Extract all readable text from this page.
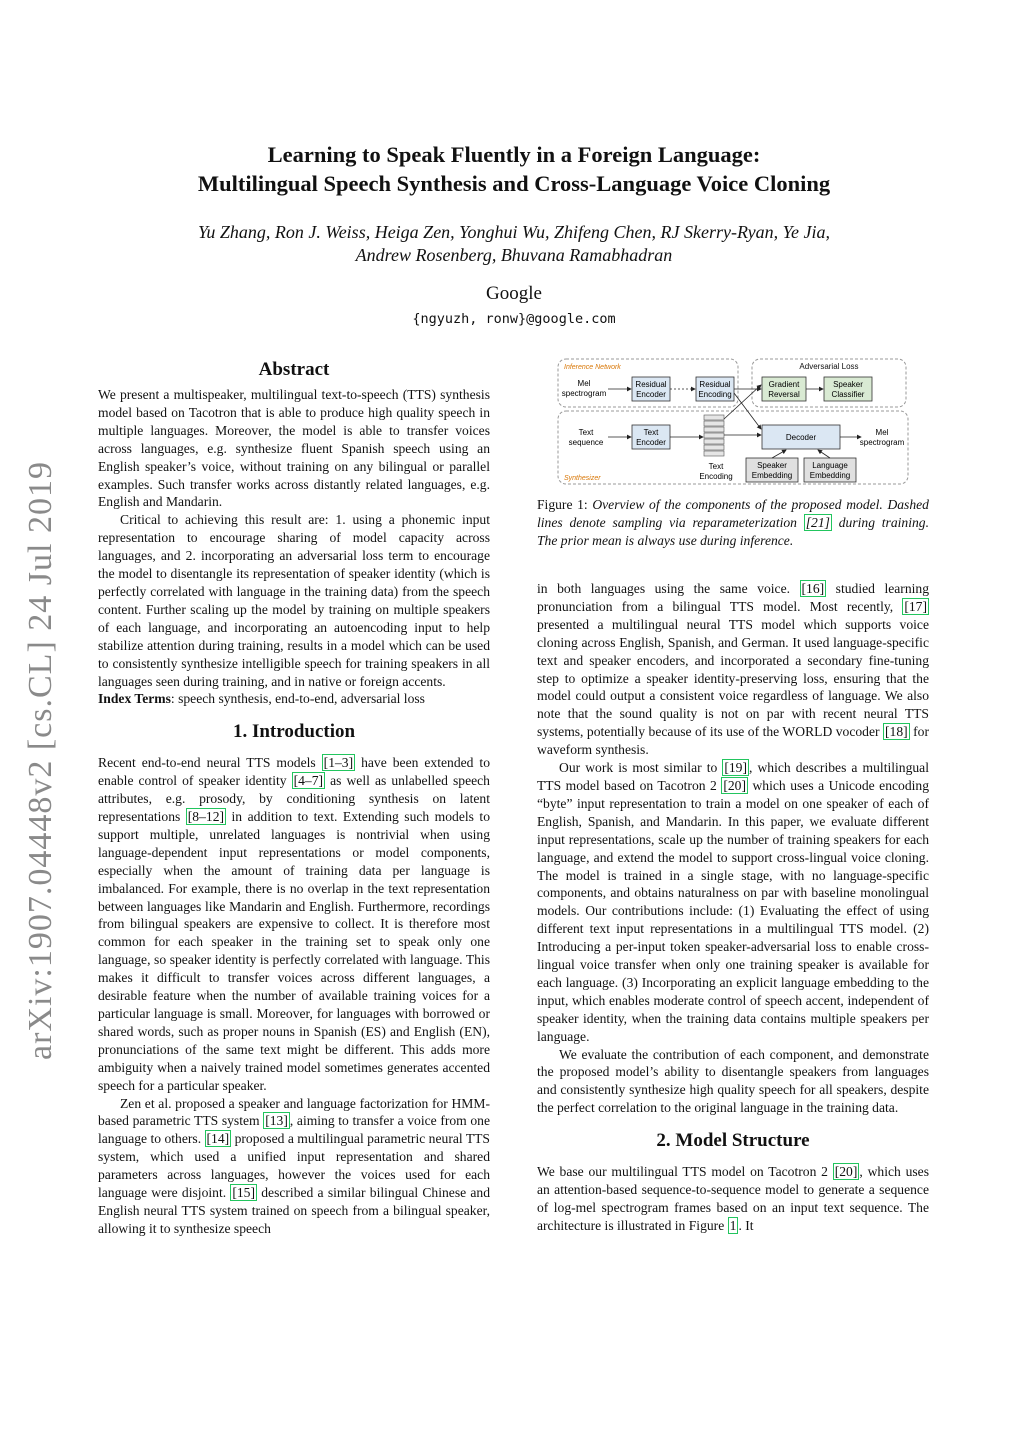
arXiv:1907.04448v2 [cs.CL] 24 Jul 2019
Learning to Speak Fluently in a Foreign Language:
Multilingual Speech Synthesis and Cross-Language Voice Cloning
Yu Zhang, Ron J. Weiss, Heiga Zen, Yonghui Wu, Zhifeng Chen, RJ Skerry-Ryan, Ye Jia,
Andrew Rosenberg, Bhuvana Ramabhadran
Google
{ngyuzh, ronw}@google.com
Abstract

We present a multispeaker, multilingual text-to-speech (TTS) synthesis model based on Tacotron that is able to produce high quality speech in multiple languages. Moreover, the model is able to transfer voices across languages, e.g. synthesize fluent Spanish speech using an English speaker’s voice, without training on any bilingual or parallel examples. Such transfer works across distantly related languages, e.g. English and Mandarin.

Critical to achieving this result are: 1. using a phonemic input representation to encourage sharing of model capacity across languages, and 2. incorporating an adversarial loss term to encourage the model to disentangle its representation of speaker identity (which is perfectly correlated with language in the training data) from the speech content. Further scaling up the model by training on multiple speakers of each language, and incorporating an autoencoding input to help stabilize attention during training, results in a model which can be used to consistently synthesize intelligible speech for training speakers in all languages seen during training, and in native or foreign accents.

Index Terms: speech synthesis, end-to-end, adversarial loss

1. Introduction

Recent end-to-end neural TTS models [1–3] have been extended to enable control of speaker identity [4–7] as well as unlabelled speech attributes, e.g. prosody, by conditioning synthesis on latent representations [8–12] in addition to text. Extending such models to support multiple, unrelated languages is nontrivial when using language-dependent input representations or model components, especially when the amount of training data per language is imbalanced. For example, there is no overlap in the text representation between languages like Mandarin and English. Furthermore, recordings from bilingual speakers are expensive to collect. It is therefore most common for each speaker in the training set to speak only one language, so speaker identity is perfectly correlated with language. This makes it difficult to transfer voices across different languages, a desirable feature when the number of available training voices for a particular language is small. Moreover, for languages with borrowed or shared words, such as proper nouns in Spanish (ES) and English (EN), pronunciations of the same text might be different. This adds more ambiguity when a naively trained model sometimes generates accented speech for a particular speaker.

Zen et al. proposed a speaker and language factorization for HMM-based parametric TTS system [13] , aiming to transfer a voice from one language to others. [14] proposed a multilingual parametric neural TTS system, which used a unified input representation and shared parameters across languages, however the voices used for each language were disjoint. [15] described a similar bilingual Chinese and English neural TTS system trained on speech from a bilingual speaker, allowing it to synthesize speech

Inference Network
Synthesizer
Adversarial Loss
Mel
spectrogram
Residual
Encoder
Residual
Encoding
Gradient
Reversal
Speaker
Classifier
Text
sequence
Text
Encoder
Text
Encoding
Decoder
Mel
spectrogram
Speaker
Embedding
Language
Embedding
Figure 1: Overview of the components of the proposed model. Dashed lines denote sampling via reparameterization [21] during training. The prior mean is always use during inference.

in both languages using the same voice. [16] studied learning pronunciation from a bilingual TTS model. Most recently, [17] presented a multilingual neural TTS model which supports voice cloning across English, Spanish, and German. It used language-specific text and speaker encoders, and incorporated a secondary fine-tuning step to optimize a speaker identity-preserving loss, ensuring that the model could output a consistent voice regardless of language. We also note that the sound quality is not on par with recent neural TTS systems, potentially because of its use of the WORLD vocoder [18] for waveform synthesis.

Our work is most similar to [19] , which describes a multilingual TTS model based on Tacotron 2 [20] which uses a Unicode encoding “byte” input representation to train a model on one speaker of each of English, Spanish, and Mandarin. In this paper, we evaluate different input representations, scale up the number of training speakers for each language, and extend the model to support cross-lingual voice cloning. The model is trained in a single stage, with no language-specific components, and obtains naturalness on par with baseline monolingual models. Our contributions include: (1) Evaluating the effect of using different text input representations in a multilingual TTS model. (2) Introducing a per-input token speaker-adversarial loss to enable cross-lingual voice transfer when only one training speaker is available for each language. (3) Incorporating an explicit language embedding to the input, which enables moderate control of speech accent, independent of speaker identity, when the training data contains multiple speakers per language.

We evaluate the contribution of each component, and demonstrate the proposed model’s ability to disentangle speakers from languages and consistently synthesize high quality speech for all speakers, despite the perfect correlation to the original language in the training data.

2. Model Structure

We base our multilingual TTS model on Tacotron 2 [20] , which uses an attention-based sequence-to-sequence model to generate a sequence of log-mel spectrogram frames based on an input text sequence. The architecture is illustrated in Figure 1 . It
